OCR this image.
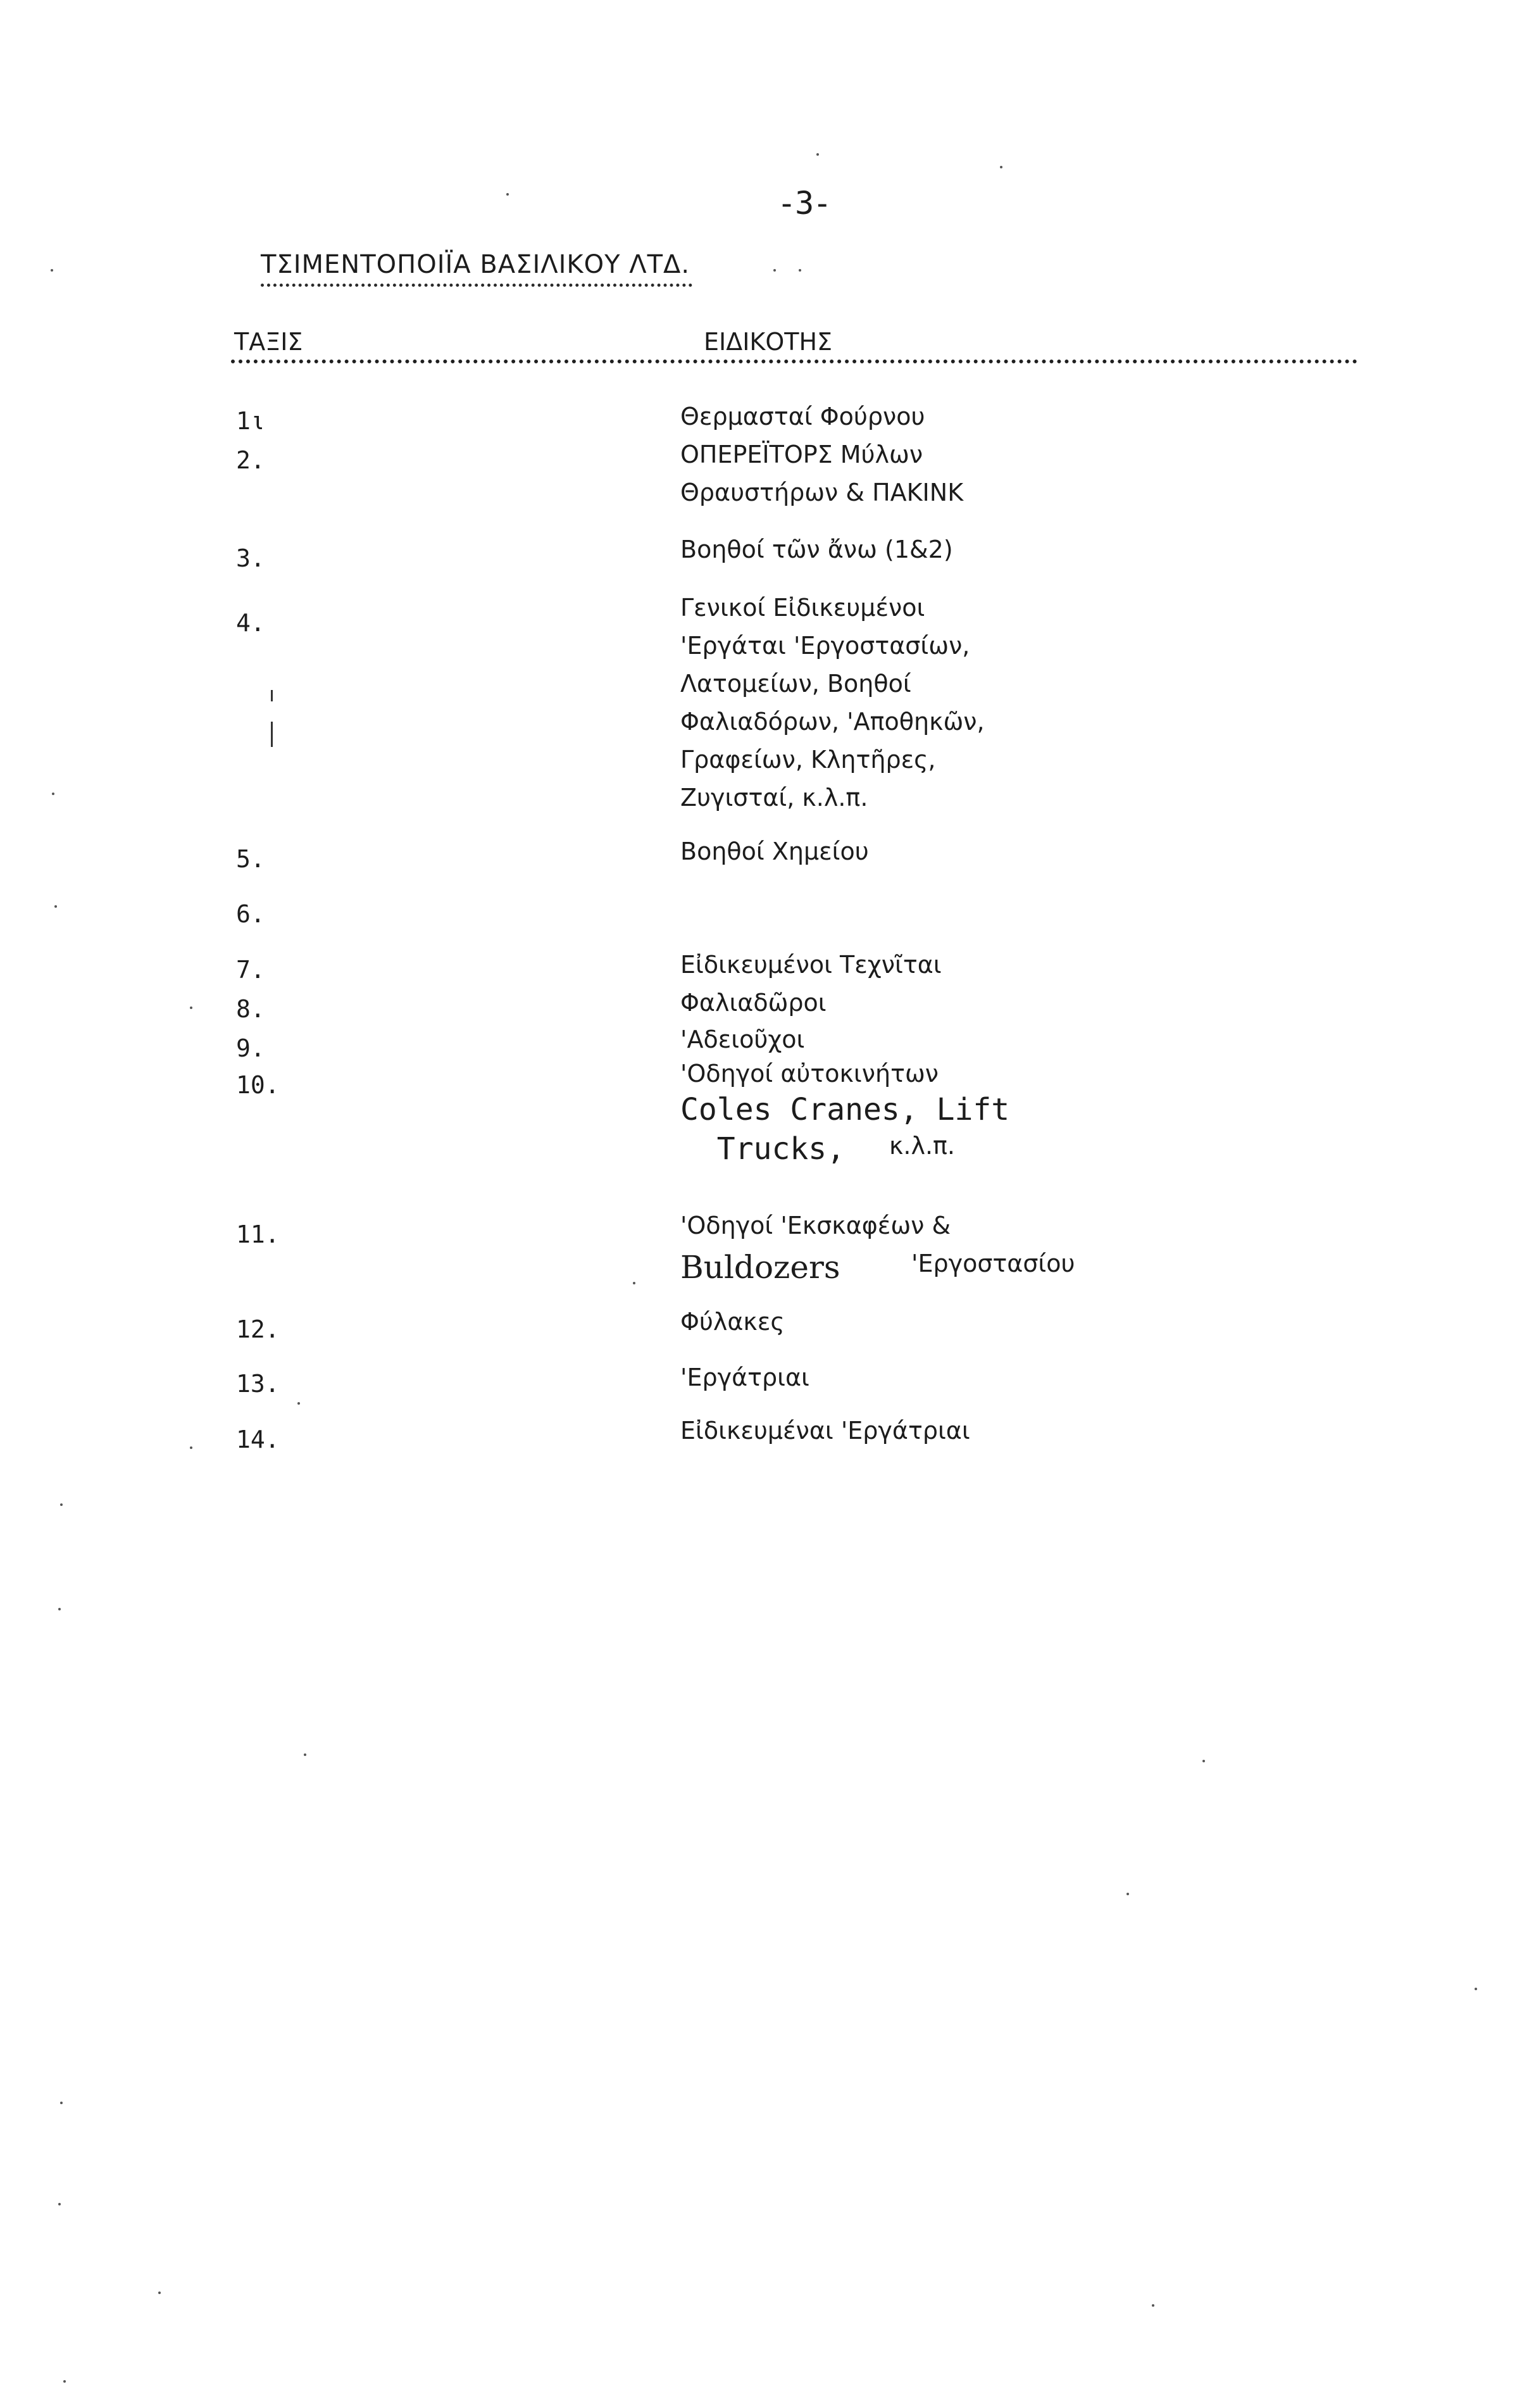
-3-
ΤΣΙΜΕΝΤΟΠΟΙΪΑ ΒΑΣΙΛΙΚΟΥ ΛΤΔ.
ΤΑΞΙΣ	ΕΙΔΙΚΟΤΗΣ
1ι	Θερμασταί Φούρνου
2.	ΟΠΕΡΕΪΤΟΡΣ Μύλων
Θραυστήρων & ΠΑΚΙΝΚ
3.	Βοηθοί τῶν ἄνω (1&2)
4.
Γενικοί Εἰδικευμένοι
'Εργάται 'Εργοστασίων,
Λατομείων, Βοηθοί
Φαλιαδόρων, 'Αποθηκῶν,
Γραφείων, Κλητῆρες,
Ζυγισταί, κ.λ.π.
5.	Βοηθοί Χημείου
6.
7.	Εἰδικευμένοι Τεχνῖται
8.	Φαλιαδῶροι
9.	'Αδειοῦχοι
10.	'Οδηγοί αὐτοκινήτων
Coles Cranes, Lift
Trucks,	κ.λ.π.
11.	'Οδηγοί 'Εκσκαφέων &
Buldozers	'Εργοστασίου
12.	Φύλακες
13.	'Εργάτριαι
14.	Εἰδικευμέναι 'Εργάτριαι
